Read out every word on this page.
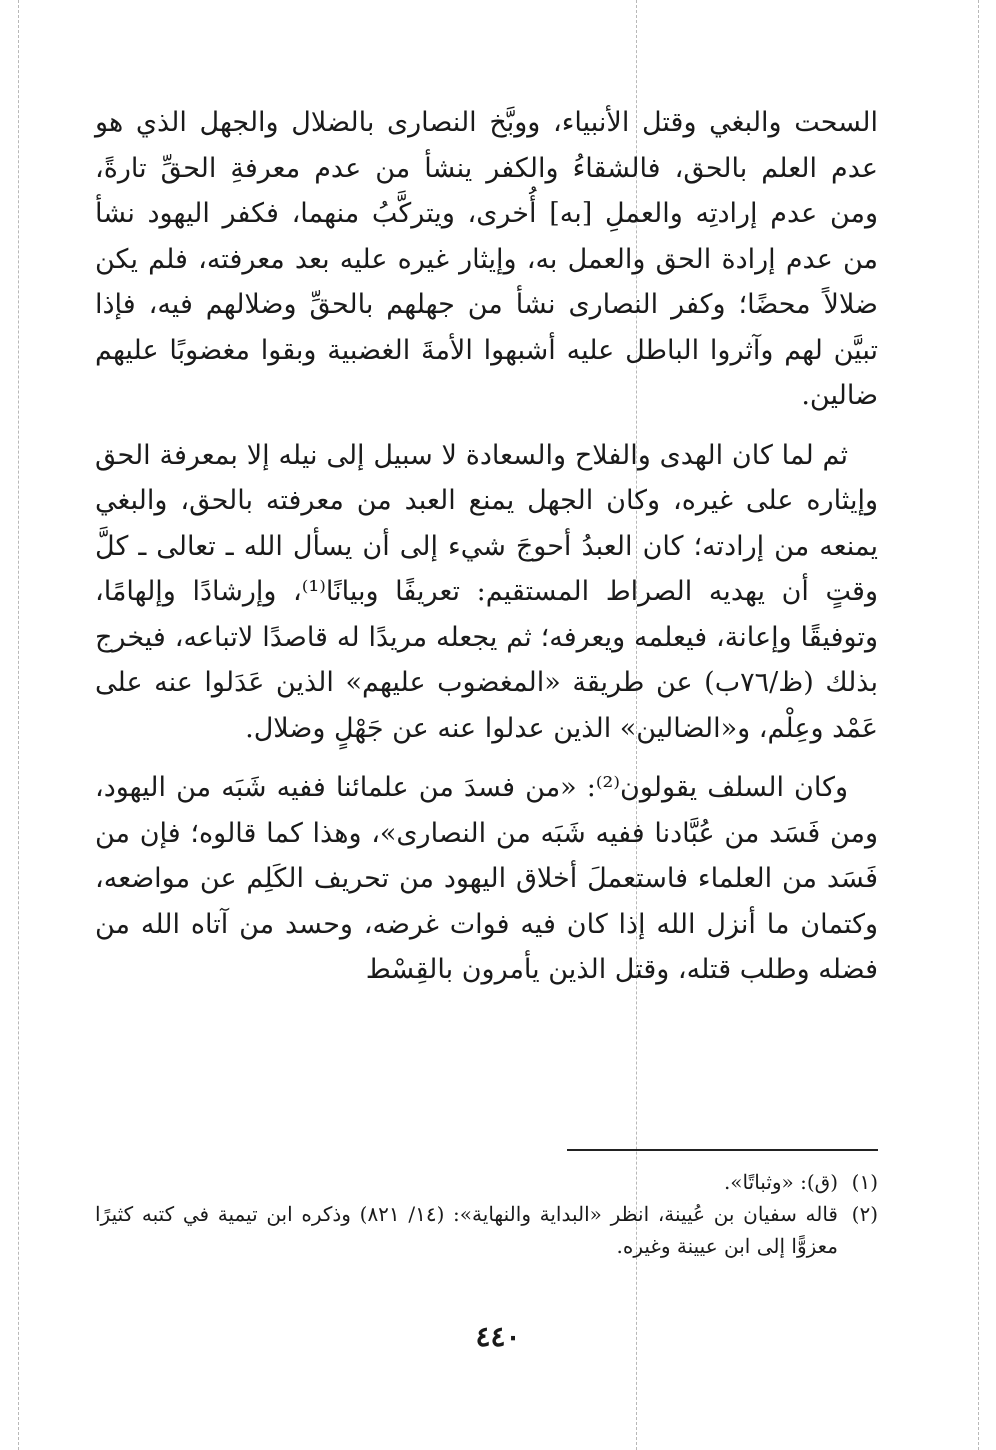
السحت والبغي وقتل الأنبياء، ووبَّخ النصارى بالضلال والجهل الذي هو عدم العلم بالحق، فالشقاءُ والكفر ينشأ من عدم معرفةِ الحقِّ تارةً، ومن عدم إرادتِه والعملِ [به] أُخرى، ويتركَّبُ منهما، فكفر اليهود نشأ من عدم إرادة الحق والعمل به، وإيثار غيره عليه بعد معرفته، فلم يكن ضلالاً محضًا؛ وكفر النصارى نشأ من جهلهم بالحقِّ وضلالهم فيه، فإذا تبيَّن لهم وآثروا الباطل عليه أشبهوا الأمةَ الغضبية وبقوا مغضوبًا عليهم ضالين.

ثم لما كان الهدى والفلاح والسعادة لا سبيل إلى نيله إلا بمعرفة الحق وإيثاره على غيره، وكان الجهل يمنع العبد من معرفته بالحق، والبغي يمنعه من إرادته؛ كان العبدُ أحوجَ شيء إلى أن يسأل الله ـ تعالى ـ كلَّ وقتٍ أن يهديه الصراط المستقيم: تعريفًا وبيانًا⁽¹⁾، وإرشادًا وإلهامًا، وتوفيقًا وإعانة، فيعلمه ويعرفه؛ ثم يجعله مريدًا له قاصدًا لاتباعه، فيخرج بذلك (ظ/٧٦ب) عن طريقة «المغضوب عليهم» الذين عَدَلوا عنه على عَمْد وعِلْم، و«الضالين» الذين عدلوا عنه عن جَهْلٍ وضلال.

وكان السلف يقولون⁽²⁾: «من فسدَ من علمائنا ففيه شَبَه من اليهود، ومن فَسَد من عُبَّادنا ففيه شَبَه من النصارى»، وهذا كما قالوه؛ فإن من فَسَد من العلماء فاستعملَ أخلاق اليهود من تحريف الكَلِم عن مواضعه، وكتمان ما أنزل الله إذا كان فيه فوات غرضه، وحسد من آتاه الله من فضله وطلب قتله، وقتل الذين يأمرون بالقِسْط

(١)
(ق): «وثباتًا».
(٢)
قاله سفيان بن عُيينة، انظر «البداية والنهاية»: (١٤/ ٨٢١) وذكره ابن تيمية في كتبه كثيرًا معزوًّا إلى ابن عيينة وغيره.
٤٤٠
